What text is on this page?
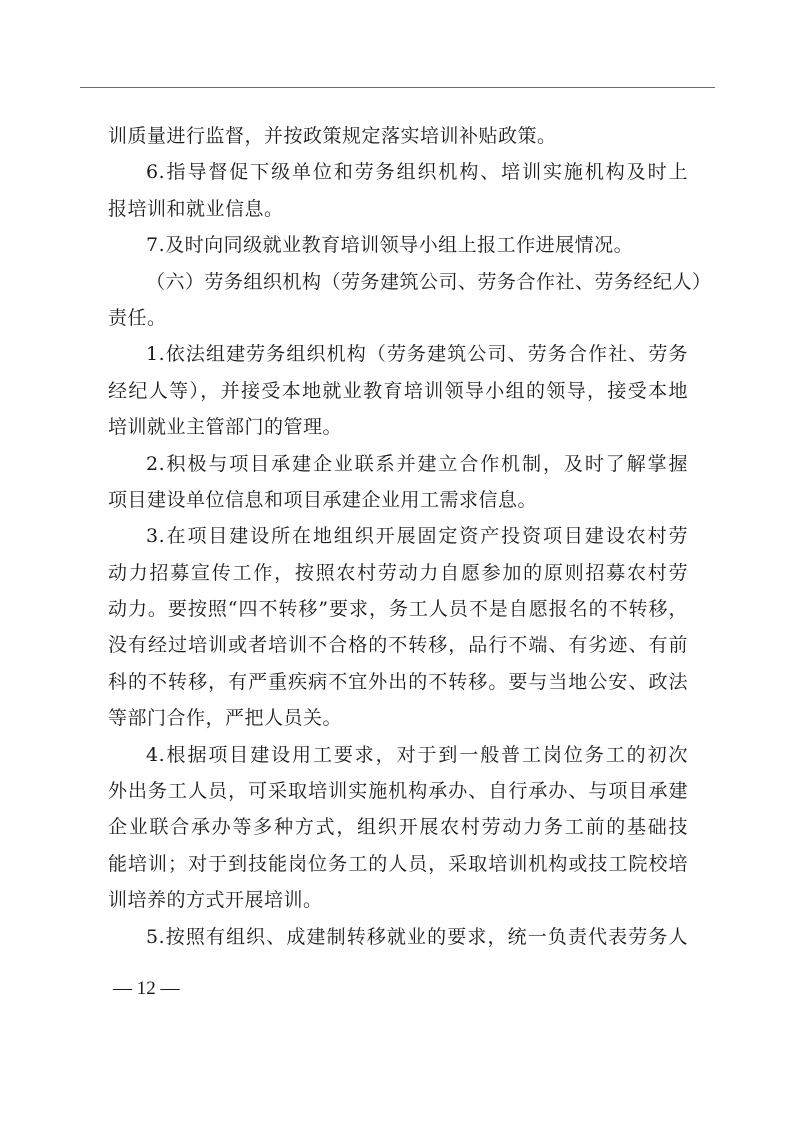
训质量进行监督，并按政策规定落实培训补贴政策。
6.指导督促下级单位和劳务组织机构、培训实施机构及时上
报培训和就业信息。
7.及时向同级就业教育培训领导小组上报工作进展情况。
（六）劳务组织机构（劳务建筑公司、劳务合作社、劳务经纪人）
责任。
1.依法组建劳务组织机构（劳务建筑公司、劳务合作社、劳务
经纪人等），并接受本地就业教育培训领导小组的领导，接受本地
培训就业主管部门的管理。
2.积极与项目承建企业联系并建立合作机制，及时了解掌握
项目建设单位信息和项目承建企业用工需求信息。
3.在项目建设所在地组织开展固定资产投资项目建设农村劳
动力招募宣传工作，按照农村劳动力自愿参加的原则招募农村劳
动力。要按照“四不转移”要求，务工人员不是自愿报名的不转移，
没有经过培训或者培训不合格的不转移，品行不端、有劣迹、有前
科的不转移，有严重疾病不宜外出的不转移。要与当地公安、政法
等部门合作，严把人员关。
4.根据项目建设用工要求，对于到一般普工岗位务工的初次
外出务工人员，可采取培训实施机构承办、自行承办、与项目承建
企业联合承办等多种方式，组织开展农村劳动力务工前的基础技
能培训；对于到技能岗位务工的人员，采取培训机构或技工院校培
训培养的方式开展培训。
5.按照有组织、成建制转移就业的要求，统一负责代表劳务人
— 12 —
